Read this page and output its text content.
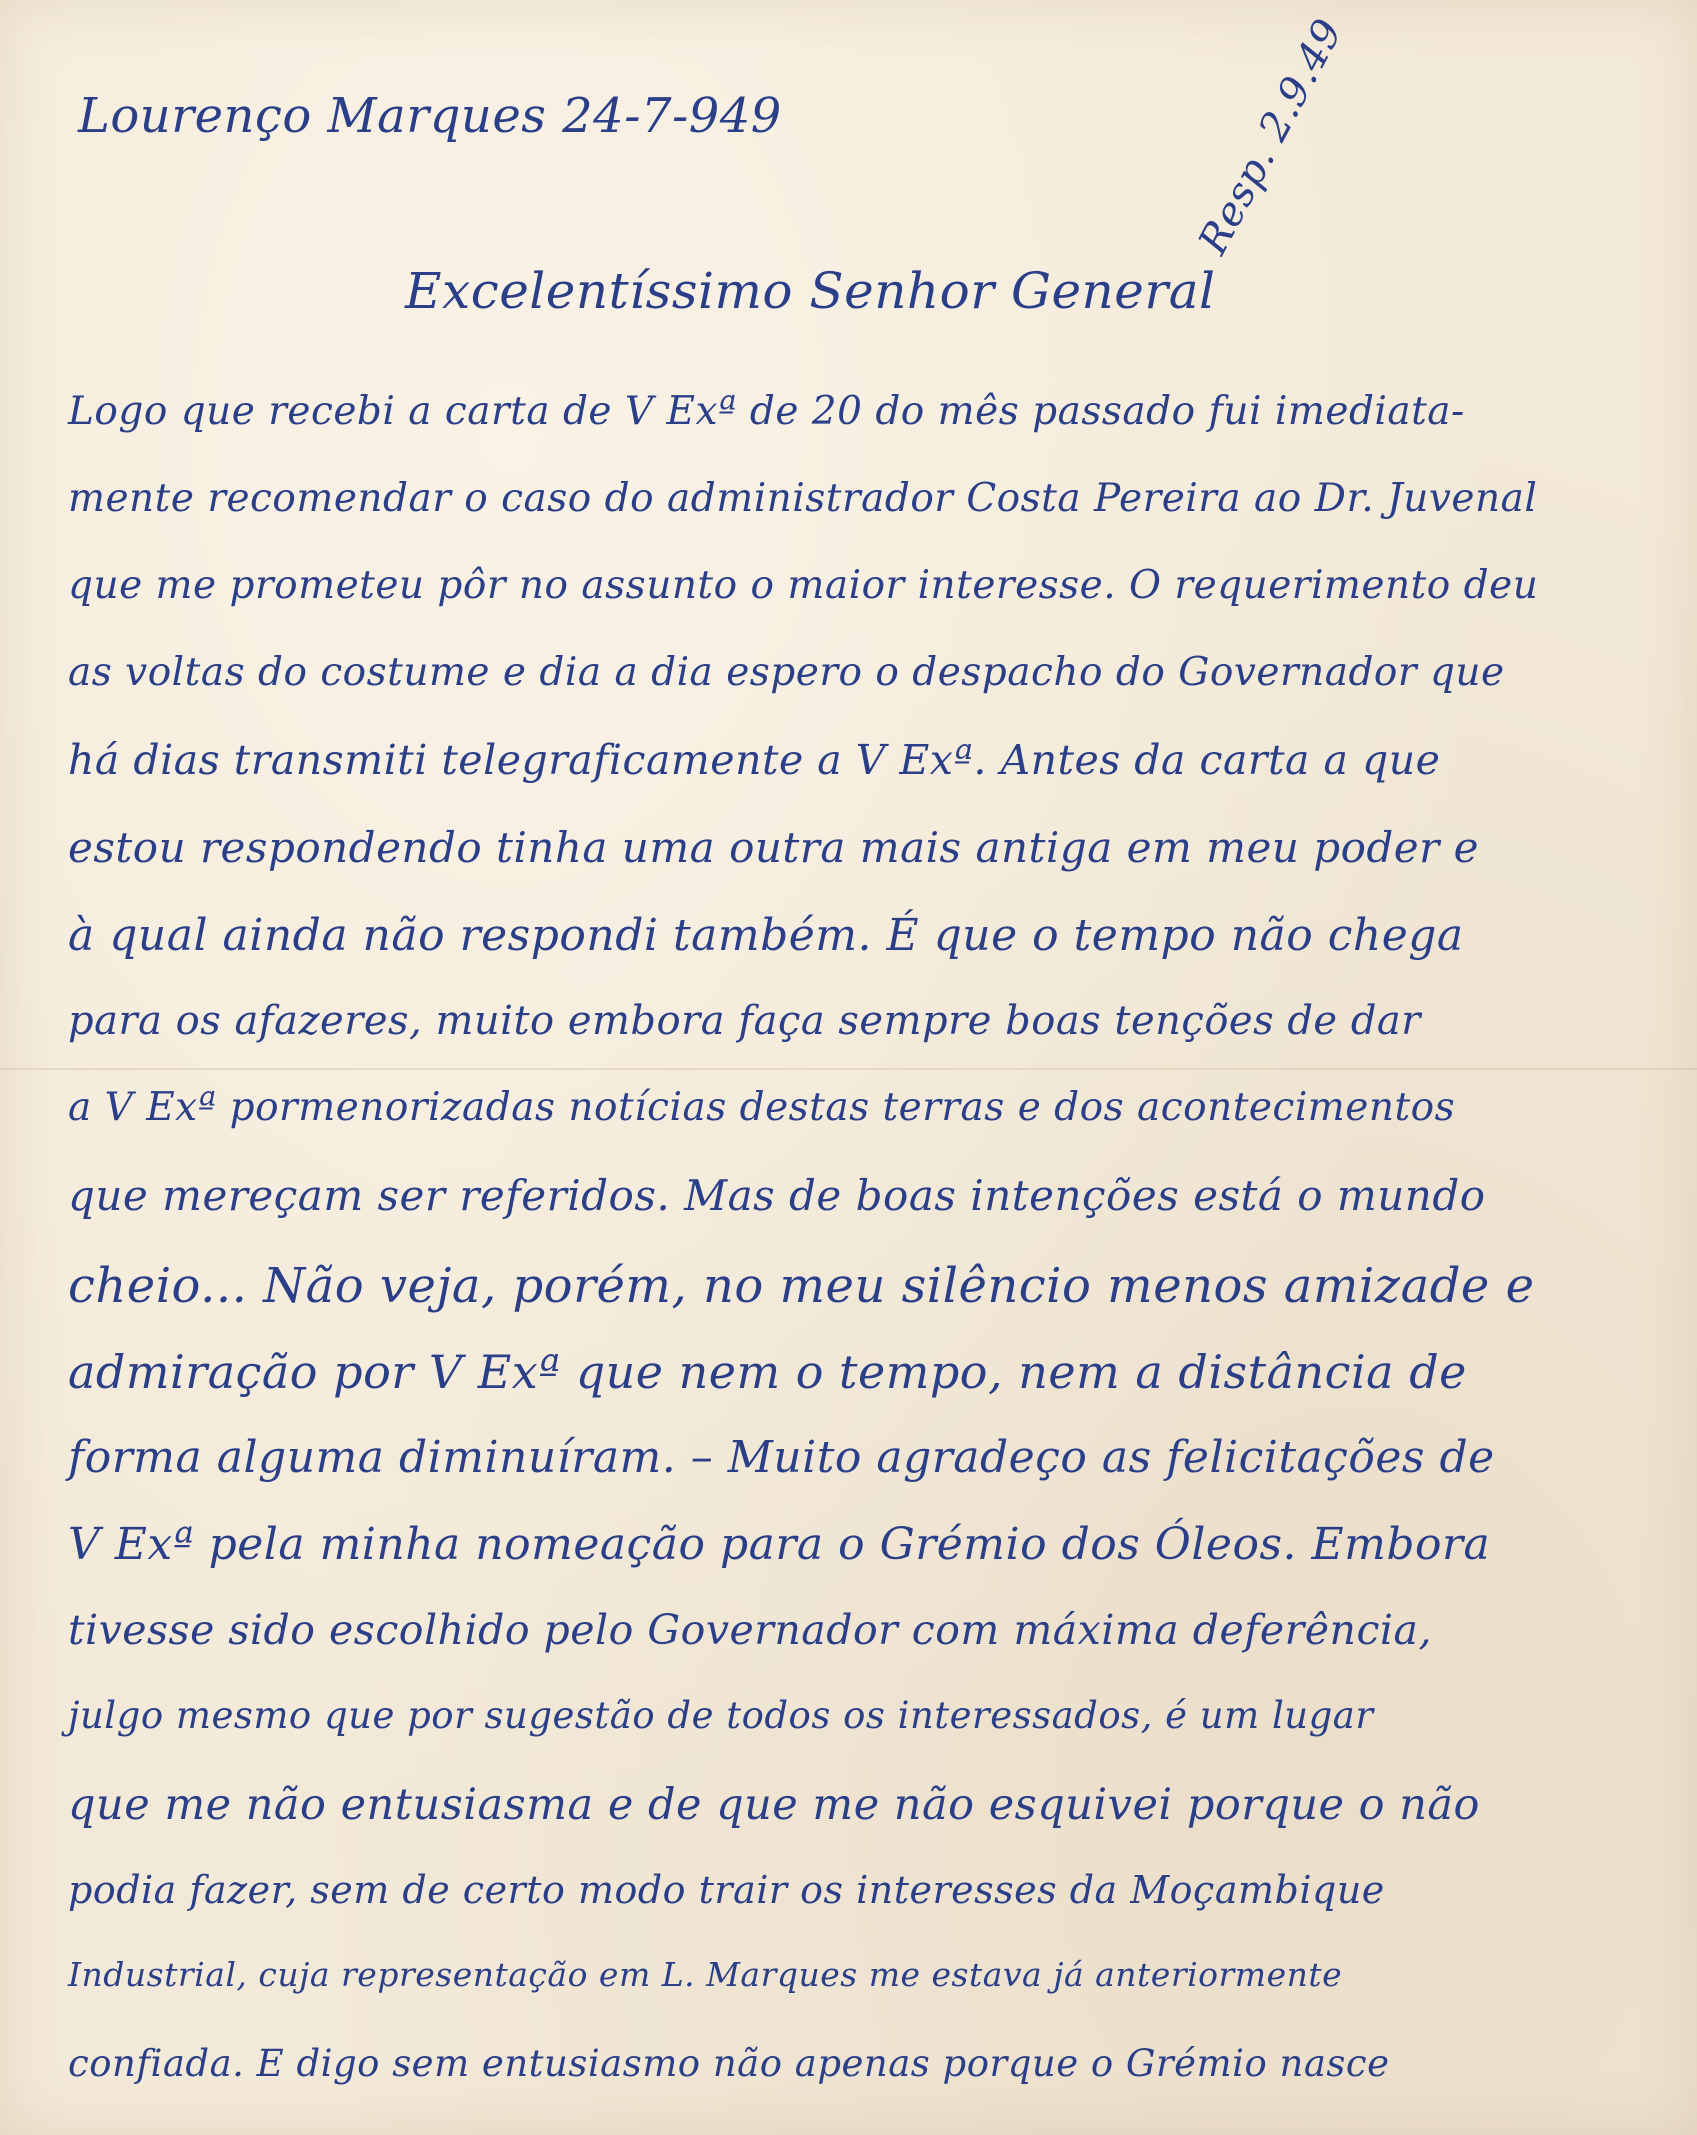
Lourenço Marques 24-7-949

Excelentíssimo Senhor General

Resp. 2.9.49

Logo que recebi a carta de V Exª de 20 do mês passado fui imediata-

mente recomendar o caso do administrador Costa Pereira ao Dr. Juvenal

que me prometeu pôr no assunto o maior interesse. O requerimento deu

as voltas do costume e dia a dia espero o despacho do Governador que

há dias transmiti telegraficamente a V Exª. Antes da carta a que

estou respondendo tinha uma outra mais antiga em meu poder e

à qual ainda não respondi também. É que o tempo não chega

para os afazeres, muito embora faça sempre boas tenções de dar

a V Exª pormenorizadas notícias destas terras e dos acontecimentos

que mereçam ser referidos. Mas de boas intenções está o mundo

cheio... Não veja, porém, no meu silêncio menos amizade e

admiração por V Exª que nem o tempo, nem a distância de

forma alguma diminuíram. – Muito agradeço as felicitações de

V Exª pela minha nomeação para o Grémio dos Óleos. Embora

tivesse sido escolhido pelo Governador com máxima deferência,

julgo mesmo que por sugestão de todos os interessados, é um lugar

que me não entusiasma e de que me não esquivei porque o não

podia fazer, sem de certo modo trair os interesses da Moçambique

Industrial, cuja representação em L. Marques me estava já anteriormente

confiada. E digo sem entusiasmo não apenas porque o Grémio nasce
